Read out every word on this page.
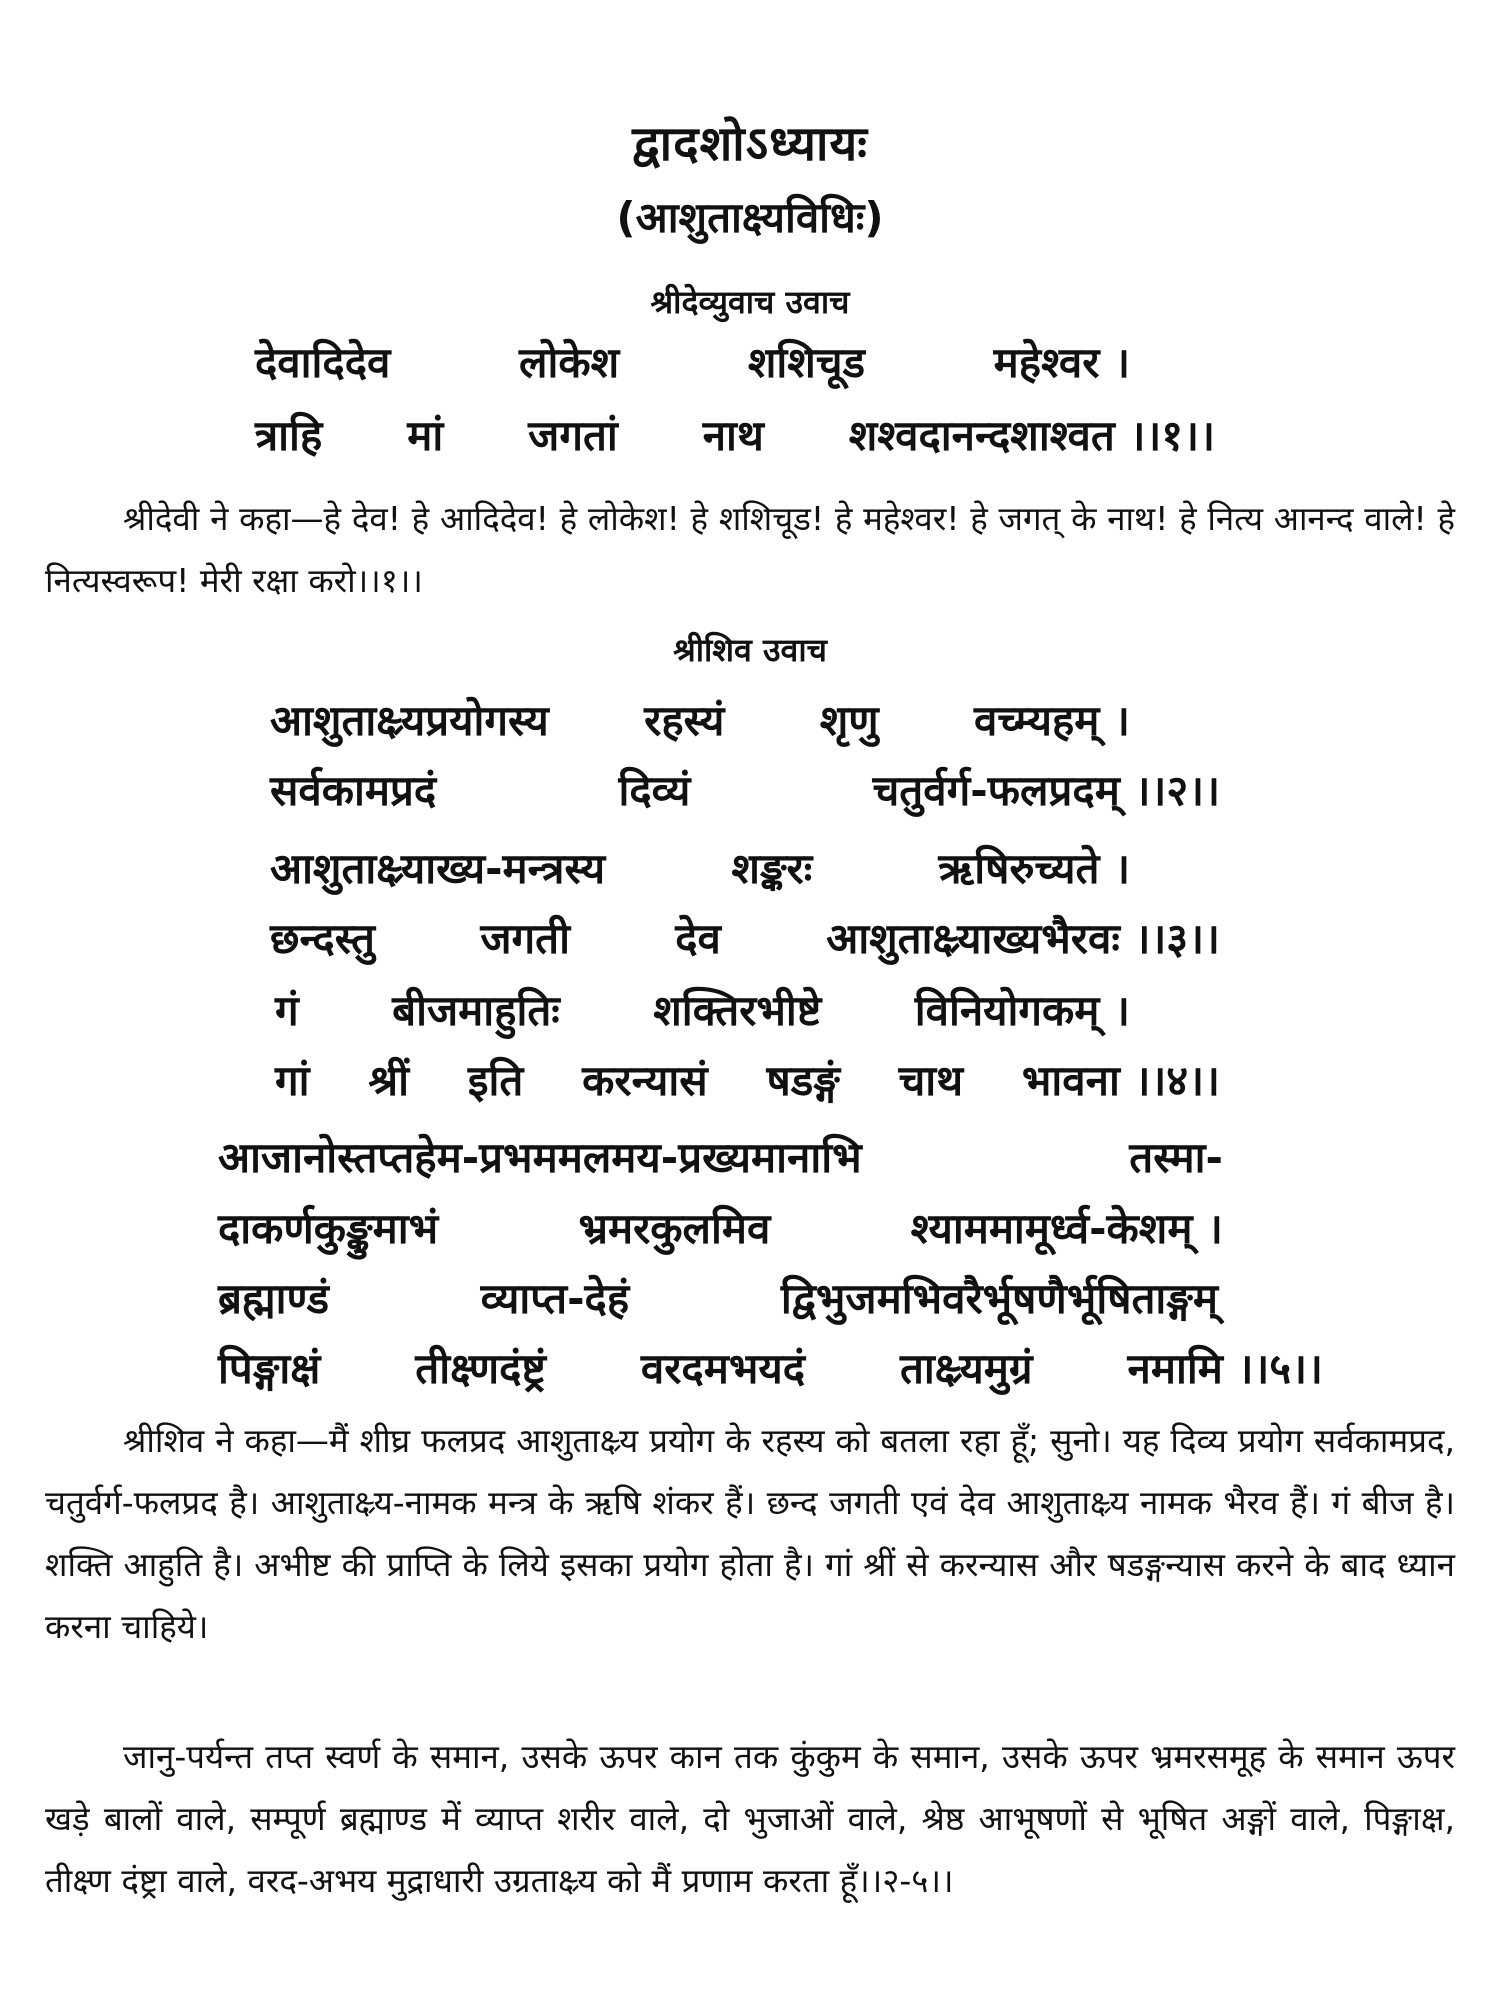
द्वादशोऽध्यायः
(आशुताक्ष्यविधिः)
श्रीदेव्युवाच उवाच
देवादिदेव	लोकेश	शशिचूड	महेश्वर ।
त्राहि मां जगतां नाथ शश्वदानन्दशाश्वत ।।१।।
श्रीदेवी ने कहा—हे देव! हे आदिदेव! हे लोकेश! हे शशिचूड! हे महेश्वर! हे जगत् के नाथ! हे नित्य आनन्द वाले! हे नित्यस्वरूप! मेरी रक्षा करो।।१।।
श्रीशिव उवाच
आशुताक्ष्र्यप्रयोगस्य रहस्यं श‍ृणु वच्म्यहम् ।
सर्वकामप्रदं	दिव्यं	चतुर्वर्ग-फलप्रदम् ।।२।।
आशुताक्ष्र्याख्य-मन्त्रस्य	शङ्करः	ऋषिरुच्यते ।
छन्दस्तु	जगती	देव	आशुताक्ष्र्याख्यभैरवः ।।३।।
गं बीजमाहुतिः शक्तिरभीष्टे विनियोगकम् ।
गां श्रीं इति करन्यासं षडङ्गं चाथ भावना ।।४।।
आजानोस्तप्तहेम-प्रभममलमय-प्रख्यमानाभि	तस्मा-
दाकर्णकुङ्कुमाभं	भ्रमरकुलमिव	श्याममामूर्ध्व-केशम् ।
ब्रह्माण्डं	व्याप्त-देहं	द्विभुजमभिवरैर्भूषणैर्भूषिताङ्गम्
पिङ्गाक्षं तीक्ष्णदंष्ट्रं वरदमभयदं ताक्ष्र्यमुग्रं नमामि ।।५।।
श्रीशिव ने कहा—मैं शीघ्र फलप्रद आशुताक्ष्र्य प्रयोग के रहस्य को बतला रहा हूँ; सुनो। यह दिव्य प्रयोग सर्वकामप्रद, चतुर्वर्ग-फलप्रद है। आशुताक्ष्र्य-नामक मन्त्र के ऋषि शंकर हैं। छन्द जगती एवं देव आशुताक्ष्र्य नामक भैरव हैं। गं बीज है। शक्ति आहुति है। अभीष्ट की प्राप्ति के लिये इसका प्रयोग होता है। गां श्रीं से करन्यास और षडङ्गन्यास करने के बाद ध्यान करना चाहिये।
जानु-पर्यन्त तप्त स्वर्ण के समान, उसके ऊपर कान तक कुंकुम के समान, उसके ऊपर भ्रमरसमूह के समान ऊपर खड़े बालों वाले, सम्पूर्ण ब्रह्माण्ड में व्याप्त शरीर वाले, दो भुजाओं वाले, श्रेष्ठ आभूषणों से भूषित अङ्गों वाले, पिङ्गाक्ष, तीक्ष्ण दंष्ट्रा वाले, वरद-अभय मुद्राधारी उग्रताक्ष्र्य को मैं प्रणाम करता हूँ।।२-५।।
